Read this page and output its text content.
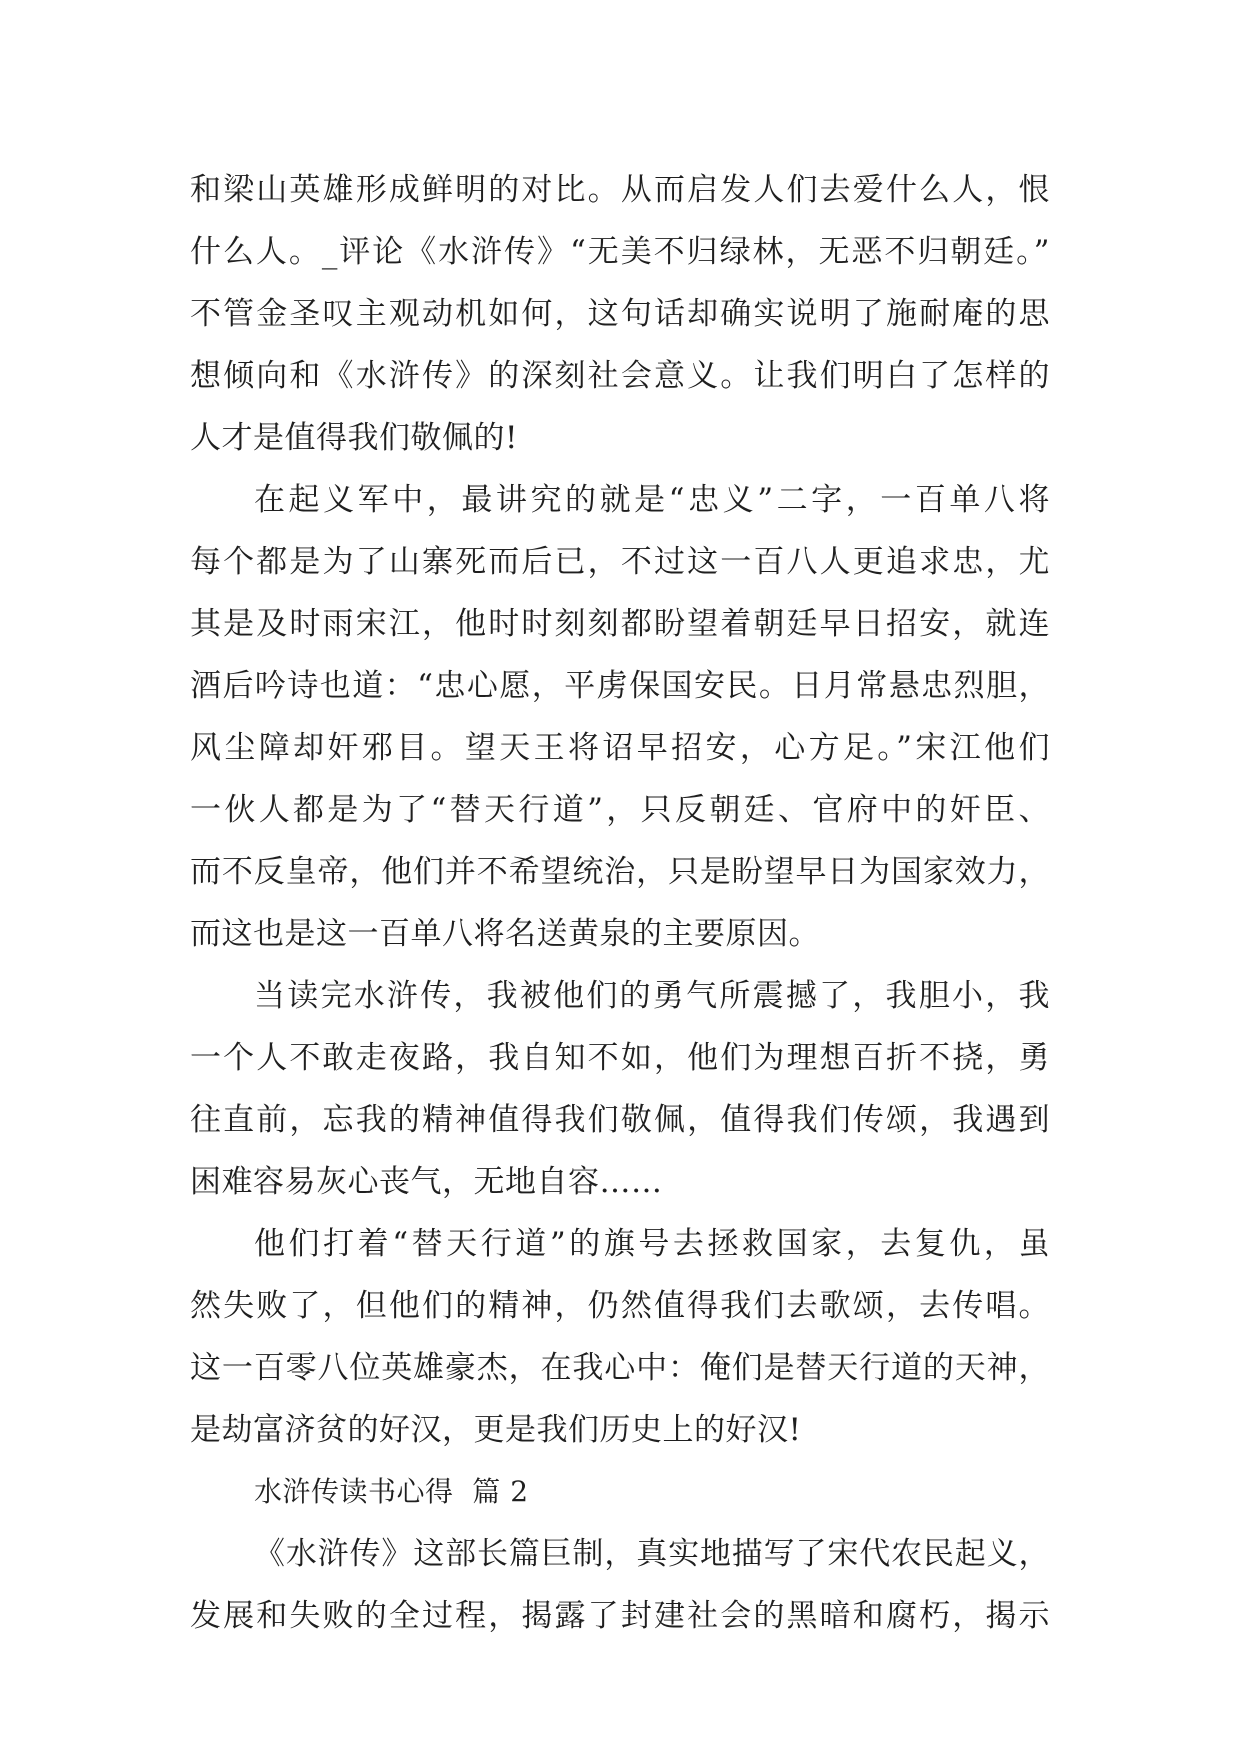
和梁山英雄形成鲜明的对比。从而启发人们去爱什么人，恨
什么人。_评论《水浒传》“无美不归绿林，无恶不归朝廷。”
不管金圣叹主观动机如何，这句话却确实说明了施耐庵的思
想倾向和《水浒传》的深刻社会意义。让我们明白了怎样的
人才是值得我们敬佩的!

在起义军中，最讲究的就是“忠义”二字，一百单八将
每个都是为了山寨死而后已，不过这一百八人更追求忠，尤
其是及时雨宋江，他时时刻刻都盼望着朝廷早日招安，就连
酒后吟诗也道：“忠心愿，平虏保国安民。日月常悬忠烈胆，
风尘障却奸邪目。望天王将诏早招安，心方足。”宋江他们
一伙人都是为了“替天行道”，只反朝廷、官府中的奸臣、
而不反皇帝，他们并不希望统治，只是盼望早日为国家效力，
而这也是这一百单八将名送黄泉的主要原因。

当读完水浒传，我被他们的勇气所震撼了，我胆小，我
一个人不敢走夜路，我自知不如，他们为理想百折不挠，勇
往直前，忘我的精神值得我们敬佩，值得我们传颂，我遇到
困难容易灰心丧气，无地自容……

他们打着“替天行道”的旗号去拯救国家，去复仇，虽
然失败了，但他们的精神，仍然值得我们去歌颂，去传唱。
这一百零八位英雄豪杰，在我心中：俺们是替天行道的天神，
是劫富济贫的好汉，更是我们历史上的好汉!

水浒传读书心得  篇 2

《水浒传》这部长篇巨制，真实地描写了宋代农民起义，
发展和失败的全过程，揭露了封建社会的黑暗和腐朽，揭示
